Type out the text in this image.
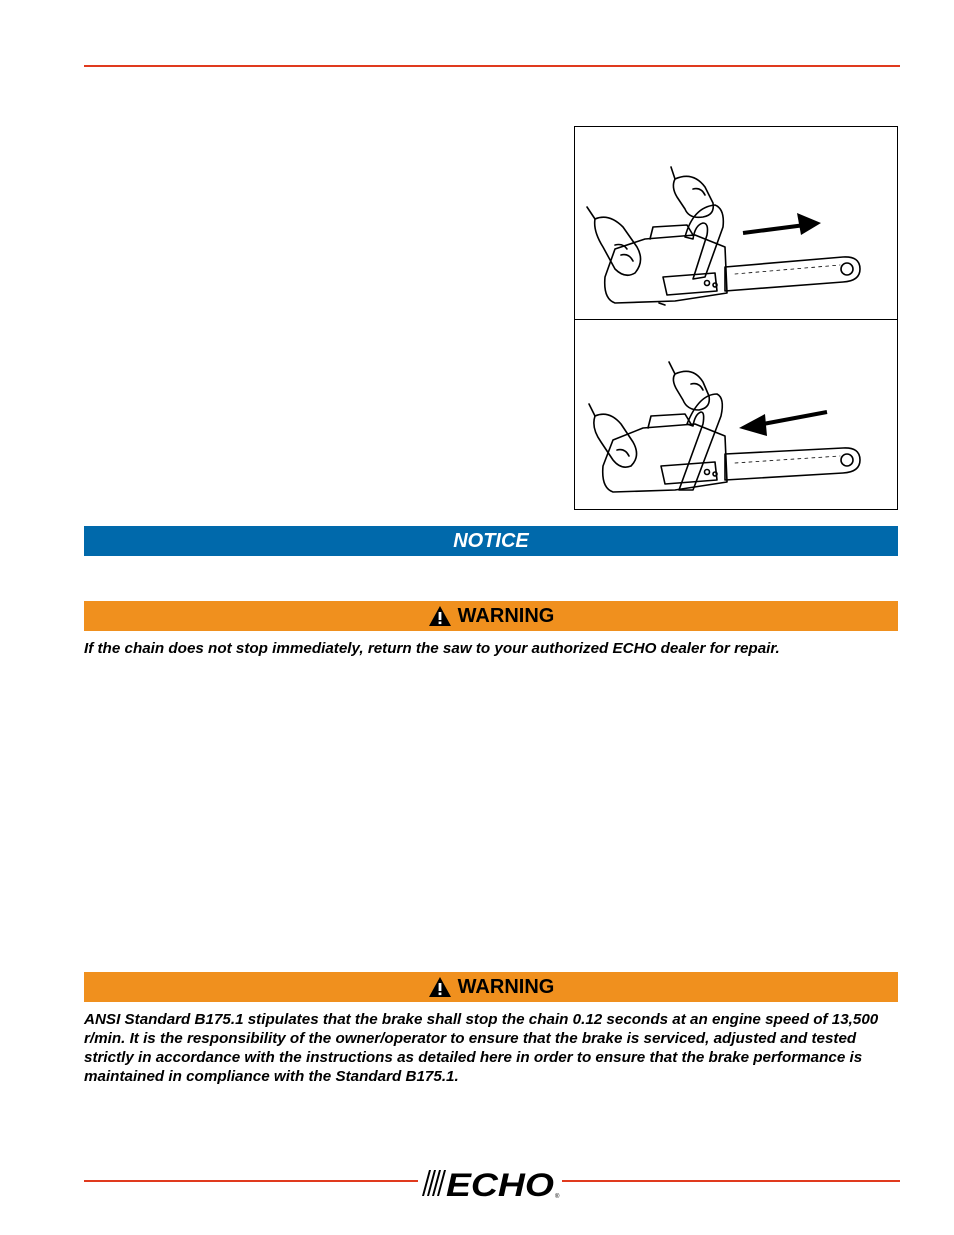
NOTICE
WARNING
If the chain does not stop immediately, return the saw to your authorized ECHO dealer for repair.
WARNING
ANSI Standard B175.1 stipulates that the brake shall stop the chain 0.12 seconds at an engine speed of 13,500 r/min. It is the responsibility of the owner/operator to ensure that the brake is serviced, adjusted and tested strictly in accordance with the instructions as detailed here in order to ensure that the brake performance is maintained in compliance with the Standard B175.1.
ECHO ®
